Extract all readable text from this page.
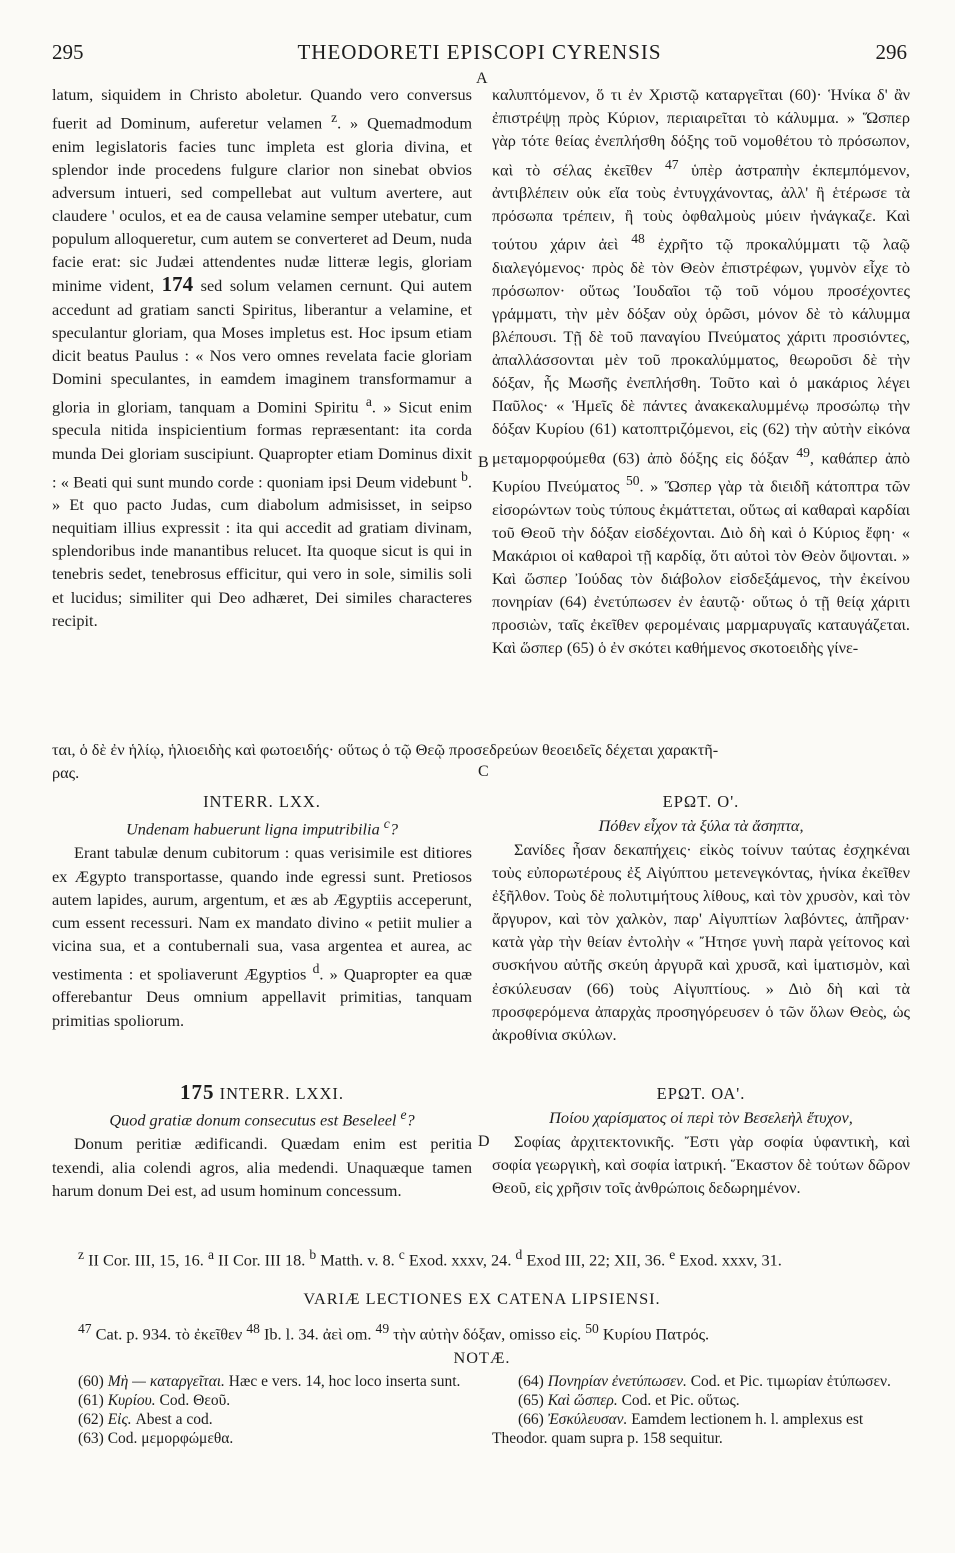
295	THEODORETI EPISCOPI CYRENSIS	296
A
B
C
D

latum, siquidem in Christo aboletur. Quando vero conversus fuerit ad Dominum, auferetur velamen $^z$. » Quemadmodum enim legislatoris facies tunc impleta est gloria divina, et splendor inde procedens fulgure clarior non sinebat obvios adversum intueri, sed compellebat aut vultum avertere, aut claudere ' oculos, et ea de causa velamine semper utebatur, cum populum alloqueretur, cum autem se converteret ad Deum, nuda facie erat: sic Judæi attendentes nudæ litteræ legis, gloriam minime vident, 174 sed solum velamen cernunt. Qui autem accedunt ad gratiam sancti Spiritus, liberantur a velamine, et speculantur gloriam, qua Moses impletus est. Hoc ipsum etiam dicit beatus Paulus : « Nos vero omnes revelata facie gloriam Domini speculantes, in eamdem imaginem transformamur a gloria in gloriam, tanquam a Domini Spiritu $^a$. » Sicut enim specula nitida inspicientium formas repræsentant: ita corda munda Dei gloriam suscipiunt. Quapropter etiam Dominus dixit : « Beati qui sunt mundo corde : quoniam ipsi Deum videbunt $^b$. » Et quo pacto Judas, cum diabolum admisisset, in seipso nequitiam illius expressit : ita qui accedit ad gratiam divinam, splendoribus inde manantibus relucet. Ita quoque sicut is qui in tenebris sedet, tenebrosus efficitur, qui vero in sole, similis soli et lucidus; similiter qui Deo adhæret, Dei similes characteres recipit.

καλυπτόμενον, ὅ τι ἐν Χριστῷ καταργεῖται (60)· Ἡνίκα δ' ἂν ἐπιστρέψῃ πρὸς Κύριον, περιαιρεῖται τὸ κάλυμμα. » Ὥσπερ γὰρ τότε θείας ἐνεπλήσθη δόξης τοῦ νομοθέτου τὸ πρόσωπον, καὶ τὸ σέλας ἐκεῖθεν $^{47}$ ὑπὲρ ἀστραπὴν ἐκπεμπόμενον, ἀντιβλέπειν οὐκ εἴα τοὺς ἐντυγχάνοντας, ἀλλ' ἢ ἑτέρωσε τὰ πρόσωπα τρέπειν, ἢ τοὺς ὀφθαλμοὺς μύειν ἠνάγκαζε. Καὶ τούτου χάριν ἀεὶ $^{48}$ ἐχρῆτο τῷ προκαλύμματι τῷ λαῷ διαλεγόμενος· πρὸς δὲ τὸν Θεὸν ἐπιστρέφων, γυμνὸν εἶχε τὸ πρόσωπον· οὕτως Ἰουδαῖοι τῷ τοῦ νόμου προσέχοντες γράμματι, τὴν μὲν δόξαν οὐχ ὁρῶσι, μόνον δὲ τὸ κάλυμμα βλέπουσι. Τῇ δὲ τοῦ παναγίου Πνεύματος χάριτι προσιόντες, ἀπαλλάσσονται μὲν τοῦ προκαλύμματος, θεωροῦσι δὲ τὴν δόξαν, ἧς Μωσῆς ἐνεπλήσθη. Τοῦτο καὶ ὁ μακάριος λέγει Παῦλος· « Ἡμεῖς δὲ πάντες ἀνακεκαλυμμένῳ προσώπῳ τὴν δόξαν Κυρίου (61) κατοπτριζόμενοι, εἰς (62) τὴν αὐτὴν εἰκόνα μεταμορφούμεθα (63) ἀπὸ δόξης εἰς δόξαν $^{49}$, καθάπερ ἀπὸ Κυρίου Πνεύματος $^{50}$. » Ὥσπερ γὰρ τὰ διειδῆ κάτοπτρα τῶν εἰσορώντων τοὺς τύπους ἐκμάττεται, οὕτως αἱ καθαραὶ καρδίαι τοῦ Θεοῦ τὴν δόξαν εἰσδέχονται. Διὸ δὴ καὶ ὁ Κύριος ἔφη· « Μακάριοι οἱ καθαροὶ τῇ καρδίᾳ, ὅτι αὐτοὶ τὸν Θεὸν ὄψονται. » Καὶ ὥσπερ Ἰούδας τὸν διάβολον εἰσδεξάμενος, τὴν ἐκείνου πονηρίαν (64) ἐνετύπωσεν ἐν ἑαυτῷ· οὕτως ὁ τῇ θείᾳ χάριτι προσιὼν, ταῖς ἐκεῖθεν φερομέναις μαρμαρυγαῖς καταυγάζεται. Καὶ ὥσπερ (65) ὁ ἐν σκότει καθήμενος σκοτοειδὴς γίνε-

ται, ὁ δὲ ἐν ἡλίῳ, ἡλιοειδὴς καὶ φωτοειδής· οὕτως ὁ τῷ Θεῷ προσεδρεύων θεοειδεῖς δέχεται χαρακτῆ-
ρας.
INTERR. LXX.
Undenam habuerunt ligna imputribilia $^c$?
Erant tabulæ denum cubitorum : quas verisimile est ditiores ex Ægypto transportasse, quando inde egressi sunt. Pretiosos autem lapides, aurum, argentum, et æs ab Ægyptiis acceperunt, cum essent recessuri. Nam ex mandato divino « petiit mulier a vicina sua, et a contubernali sua, vasa argentea et aurea, ac vestimenta : et spoliaverunt Ægyptios $^d$. » Quapropter ea quæ offerebantur Deus omnium appellavit primitias, tanquam primitias spoliorum.
ΕΡΩΤ. Ο'.
Πόθεν εἶχον τὰ ξύλα τὰ ἄσηπτα,
Σανίδες ἦσαν δεκαπήχεις· εἰκὸς τοίνυν ταύτας ἐσχηκέναι τοὺς εὐπορωτέρους ἐξ Αἰγύπτου μετενεγκόντας, ἡνίκα ἐκεῖθεν ἐξῆλθον. Τοὺς δὲ πολυτιμήτους λίθους, καὶ τὸν χρυσὸν, καὶ τὸν ἄργυρον, καὶ τὸν χαλκὸν, παρ' Αἰγυπτίων λαβόντες, ἀπῆραν· κατὰ γὰρ τὴν θείαν ἐντολὴν « Ἤτησε γυνὴ παρὰ γείτονος καὶ συσκήνου αὐτῆς σκεύη ἀργυρᾶ καὶ χρυσᾶ, καὶ ἱματισμὸν, καὶ ἐσκύλευσαν (66) τοὺς Αἰγυπτίους. » Διὸ δὴ καὶ τὰ προσφερόμενα ἀπαρχὰς προσηγόρευσεν ὁ τῶν ὅλων Θεὸς, ὡς ἀκροθίνια σκύλων.
175 INTERR. LXXI.
Quod gratiæ donum consecutus est Beseleel $^e$?
Donum peritiæ ædificandi. Quædam enim est peritia texendi, alia colendi agros, alia medendi. Unaquæque tamen harum donum Dei est, ad usum hominum concessum.
ΕΡΩΤ. ΟΑ'.
Ποίου χαρίσματος οἱ περὶ τὸν Βεσελεὴλ ἔτυχον,
Σοφίας ἀρχιτεκτονικῆς. Ἔστι γὰρ σοφία ὑφαντικὴ, καὶ σοφία γεωργικὴ, καὶ σοφία ἰατρική. Ἕκαστον δὲ τούτων δῶρον Θεοῦ, εἰς χρῆσιν τοῖς ἀνθρώποις δεδωρημένον.
$^z$ II Cor. III, 15, 16. $^a$ II Cor. III 18. $^b$ Matth. v. 8. $^c$ Exod. xxxv, 24. $^d$ Exod III, 22; XII, 36. $^e$ Exod. xxxv, 31.
VARIÆ LECTIONES EX CATENA LIPSIENSI.
$^{47}$ Cat. p. 934. τὸ ἐκεῖθεν $^{48}$ Ib. l. 34. ἀεὶ om. $^{49}$ τὴν αὐτὴν δόξαν, omisso εἰς. $^{50}$ Κυρίου Πατρός.
NOTÆ.
(60) Μὴ — καταργεῖται. Hæc e vers. 14, hoc loco inserta sunt.
(61) Κυρίου. Cod. Θεοῦ.
(62) Εἰς. Abest a cod.
(63) Cod. μεμορφώμεθα.
(64) Πονηρίαν ἐνετύπωσεν. Cod. et Pic. τιμωρίαν ἐτύπωσεν.
(65) Καὶ ὥσπερ. Cod. et Pic. οὕτως.
(66) Ἐσκύλευσαν. Eamdem lectionem h. l. amplexus est Theodor. quam supra p. 158 sequitur.
